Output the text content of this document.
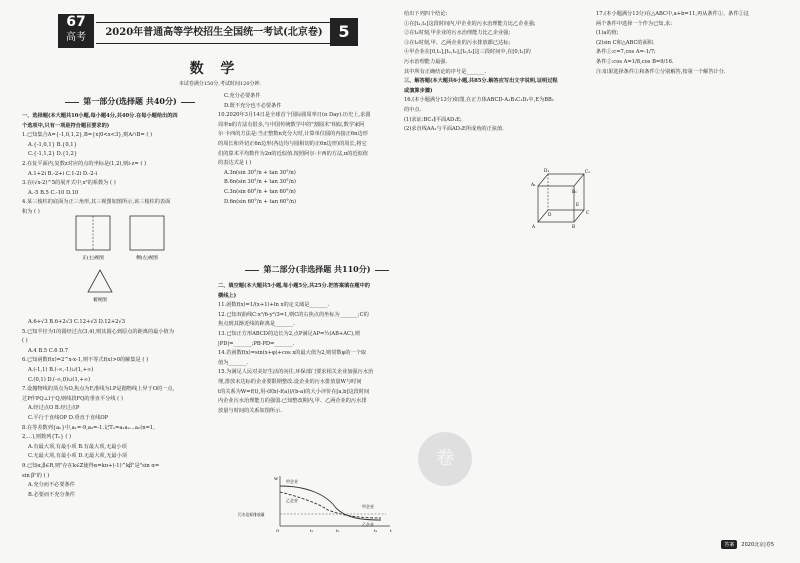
67
高考	2020年普通高等学校招生全国统一考试(北京卷) 5
数 学
本试卷满分150分,考试时间120分钟.
第一部分(选择题 共40分)

一、选择题(本大题共10小题,每小题4分,共40分.在每小题给出的四

个选项中,只有一项是符合题目要求的)

1.已知集合A={-1,0,1,2},B={x|0<x<3},则A∩B= ( )

A.{-1,0,1} B.{0,1}

C.{-1,1,2} D.{1,2}

2.在复平面内,复数z对应的点的坐标是(1,2),则i·z= ( )

A.1+2i B.-2+i C.1-2i D.-2-i

3.在(√x-2)^5的展开式中,x²的系数为 ( )

A.-5 B.5 C.-10 D.10

4.某三棱柱的底面为正三角形,其三视图如图所示,该三棱柱的表面

积为 ( )

正(主)视图	侧(左)视图
俯视图

A.6+√3 B.6+2√3 C.12+√3 D.12+2√3

5.已知半径为1的圆经过点(3,4),则其圆心到原点的距离的最小值为

( )

A.4 B.5 C.6 D.7

6.已知函数f(x)=2^x-x-1,则不等式f(x)>0的解集是 ( )

A.(-1,1) B.(-∞,-1)∪(1,+∞)

C.(0,1) D.(-∞,0)∪(1,+∞)

7.设抛物线的顶点为O,焦点为F,准线为l.P是抛物线上异于O的一点,

过P作PQ⊥l于Q,则线段FQ的垂直平分线 ( )

A.经过点O B.经过点P

C.平行于直线OP D.垂直于直线OP

8.在等差数列{aₙ}中,a₁=-9,a₅=-1.记Tₙ=a₁a₂…aₙ(n=1,

2,…),则数列{Tₙ} ( )

A.有最大项,有最小项 B.有最大项,无最小项

C.无最大项,有最小项 D.无最大项,无最小项

9.已知α,β∈R,则"存在k∈Z使得α=kπ+(-1)^kβ"是"sin α=

sin β"的 ( )

A.充分而不必要条件

B.必要而不充分条件

C.充分必要条件

D.既不充分也不必要条件

10.2020年3月14日是全球首个国际圆周率日(π Day).历史上,求圆

周率π的方法有很多,与中国传统数学中的"割圆术"相似,数学家阿

尔·卡西的方法是:当正整数n充分大时,计算单位圆的内接正6n边形

的周长和外切正6n边形(各边均与圆相切的正6n边形)的周长,将它

们的算术平均数作为2π的近似值.按照阿尔·卡西的方法,π的近似值

的表达式是 ( )

A.3n(sin 30°/n + tan 30°/n)

B.6n(sin 30°/n + tan 30°/n)

C.3n(sin 60°/n + tan 60°/n)

D.6n(sin 60°/n + tan 60°/n)

第二部分(非选择题 共110分)

二、填空题(本大题共5小题,每小题5分,共25分.把答案填在题中的

横线上)

11.函数f(x)=1/(x+1)+ln x的定义域是_______.

12.已知双曲线C:x²/6-y²/3=1,则C的右焦点的坐标为_______;C的

焦点到其渐近线的距离是_______.

13.已知正方形ABCD的边长为2,点P满足AP=½(AB+AC),则

|PD|=_______;PB·PD=_______.

14.若函数f(x)=sin(x+φ)+cos x的最大值为2,则常数φ的一个取

值为_______.

15.为满足人民对美好生活的向往,环保部门要求相关企业加强污水治

理,排放未达标的企业要限期整改.设企业的污水排放量W与时间

t的关系为W=f(t),用-(f(b)-f(a))/(b-a)的大小评价在[a,b]这段时间

内企业污水治理能力的强弱.已知整改期内,甲、乙两企业的污水排

放量与时间的关系如图所示.

甲企业
乙企业
甲企业
乙企业
污水达标排放量
O	t₁	t₂	t₃	t
W
卷

给出下列四个结论:

①在[t₁,t₂]这段时间内,甲企业的污水治理能力比乙企业强;

②在t₂时刻,甲企业的污水治理能力比乙企业强;

③在t₃时刻,甲、乙两企业的污水排放都已达标;

④甲企业在[0,t₁],[t₁,t₂],[t₂,t₃]这三段时间中,在[0,t₁]的

污水治理能力最强.

其中所有正确结论的序号是_______.

三、解答题(本大题共6小题,共85分.解答应写出文字说明,证明过程

或演算步骤)

16.(本小题满分13分)如图,在正方体ABCD-A₁B₁C₁D₁中,E为BB₁

的中点.

(1)求证:BC₁∥平面AD₁E;

(2)求直线AA₁与平面AD₁E所成角的正弦值.

A	B
C
D
A₁
B₁
C₁
D₁
E

17.(本小题满分13分)在△ABC中,a+b=11,再从条件①、条件②这

两个条件中选择一个作为已知,求:

(1)a的值;

(2)sin C和△ABC的面积.

条件①:c=7,cos A=-1/7;

条件②:cos A=1/8,cos B=9/16.

注:如果选择条件①和条件②分别解答,按第一个解答计分.

答案 2020北京|卷5
